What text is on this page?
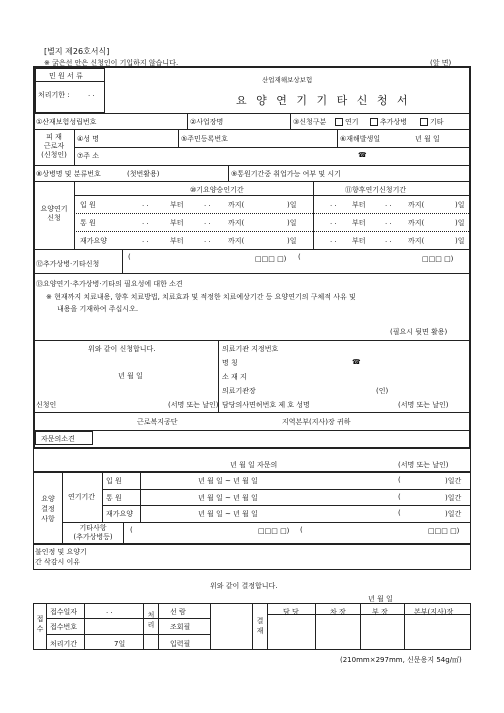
[별지 제26호서식]
※ 굵은선 안은 신청인이 기입하지 않습니다.	(앞 면)
민 원 서 류
처리기한 :	. .
산업재해보상보험
요 양 연 기 기 타 신 청 서
①산재보험성립번호	②사업장명	③신청구분	연기	추가상병	기타
피 재
근로자
(신청인)
④성 명	⑤주민등록번호	⑥재해발생일	년 월 일
⑦주 소	☎
⑧상병명 및 분류번호	(첫번활용)	⑨통원기간중 취업가능 여부 및 시기
요양연기
신청
⑩기요양승인기간	⑪향후연기신청기간
입 원	. .	부터	. . 까지(	)일	. . 부터	. . 까지(	)일
통 원	. .	부터	. . 까지(	)일	. . 부터	. . 까지(	)일
재가요양	. .	부터	. . 까지(	)일	. . 부터	. . 까지(	)일
⑫추가상병·기타신청
(	□□□ □) (	□□□ □)
⑬요양연기·추가상병·기타의 필요성에 대한 소견
※ 현재까지 치료내용, 향후 치료방법, 치료효과 및 적정한 치료예상기간 등 요양연기의 구체적 사유 및
내용을 기재하여 주십시오.
(필요시 뒷면 활용)
위와 같이 신청합니다.
년 월 일
신청인	(서명 또는 날인)
의료기관 지정번호
명 칭	☎
소 재 지
의료기관장	(인)
담당의사면허번호 제 호 성명	(서명 또는 날인)
근로복지공단	지역본부(지사)장 귀하
자문의소견
년 월 일 자문의	(서명 또는 날인)
요양
결정
사항
연기기간
입 원	년 월 일 ~ 년 월 일	(	)일간
통 원	년 월 일 ~ 년 월 일	(	)일간
재가요양	년 월 일 ~ 년 월 일	(	)일간
기타사항
(추가상병등)
(	□□□ □) (	□□□ □)
불인정 및 요양기
간 삭감시 이유
위와 같이 결정합니다.
년 월 일
접
수
접수일자	. .
접수번호
처리기간	7일
처
리
선 람
조회필
입력필
결
재
담 당	차 장	부 장	본부(지사)장
(210mm×297mm, 신문용지 54g/㎡)
